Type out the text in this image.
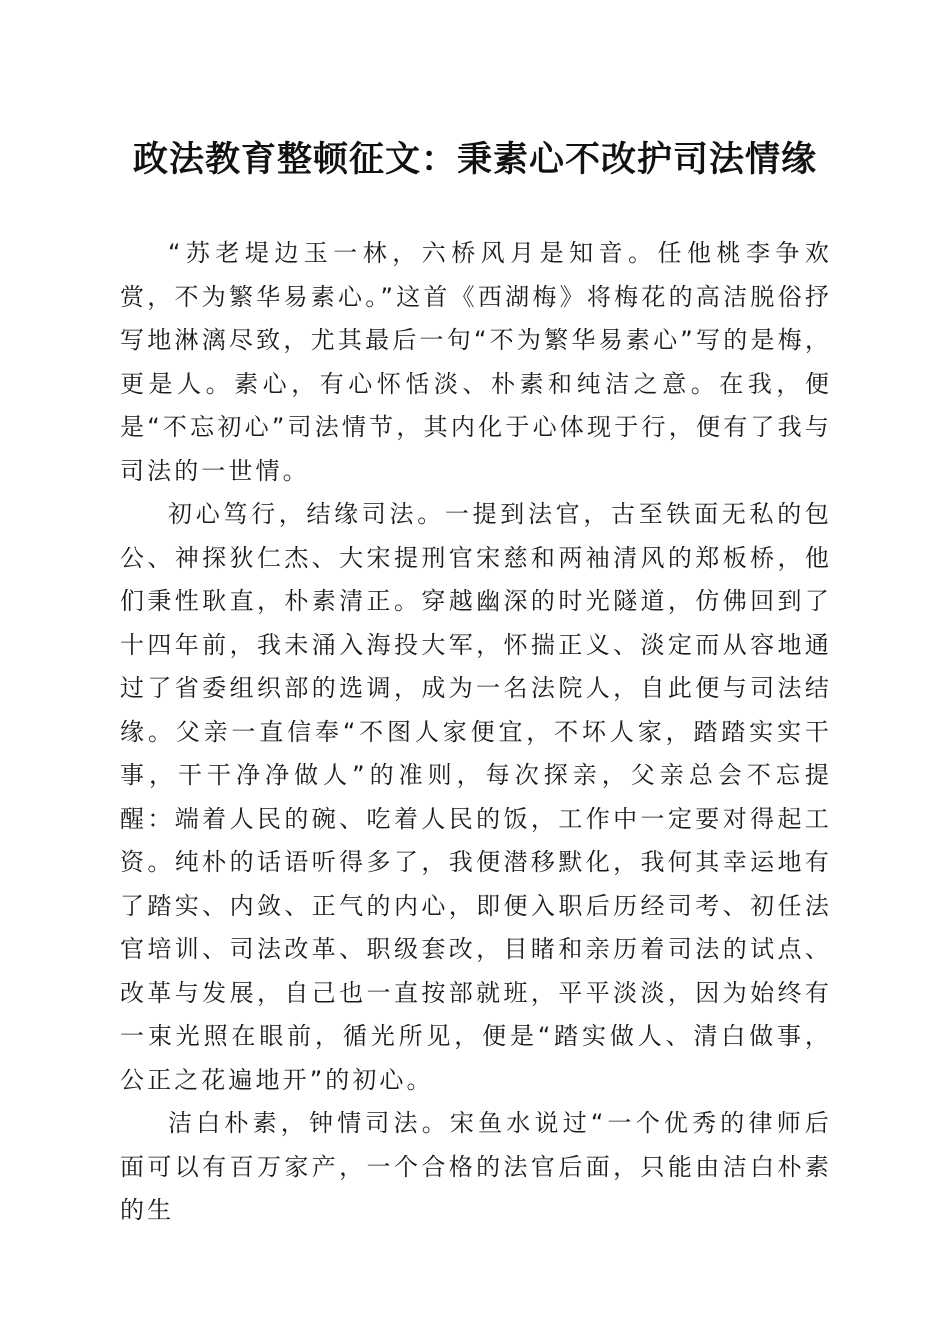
政法教育整顿征文：秉素心不改护司法情缘

“苏老堤边玉一林，六桥风月是知音。任他桃李争欢赏，不为繁华易素心。”这首《西湖梅》将梅花的高洁脱俗抒写地淋漓尽致，尤其最后一句“不为繁华易素心”写的是梅，更是人。素心，有心怀恬淡、朴素和纯洁之意。在我，便是“不忘初心”司法情节，其内化于心体现于行，便有了我与司法的一世情。

初心笃行，结缘司法。一提到法官，古至铁面无私的包公、神探狄仁杰、大宋提刑官宋慈和两袖清风的郑板桥，他们秉性耿直，朴素清正。穿越幽深的时光隧道，仿佛回到了十四年前，我未涌入海投大军，怀揣正义、淡定而从容地通过了省委组织部的选调，成为一名法院人，自此便与司法结缘。父亲一直信奉“不图人家便宜，不坏人家，踏踏实实干事，干干净净做人”的准则，每次探亲，父亲总会不忘提醒：端着人民的碗、吃着人民的饭，工作中一定要对得起工资。纯朴的话语听得多了，我便潜移默化，我何其幸运地有了踏实、内敛、正气的内心，即便入职后历经司考、初任法官培训、司法改革、职级套改，目睹和亲历着司法的试点、改革与发展，自己也一直按部就班，平平淡淡，因为始终有一束光照在眼前，循光所见，便是“踏实做人、清白做事，公正之花遍地开”的初心。

洁白朴素，钟情司法。宋鱼水说过“一个优秀的律师后面可以有百万家产，一个合格的法官后面，只能由洁白朴素的生
